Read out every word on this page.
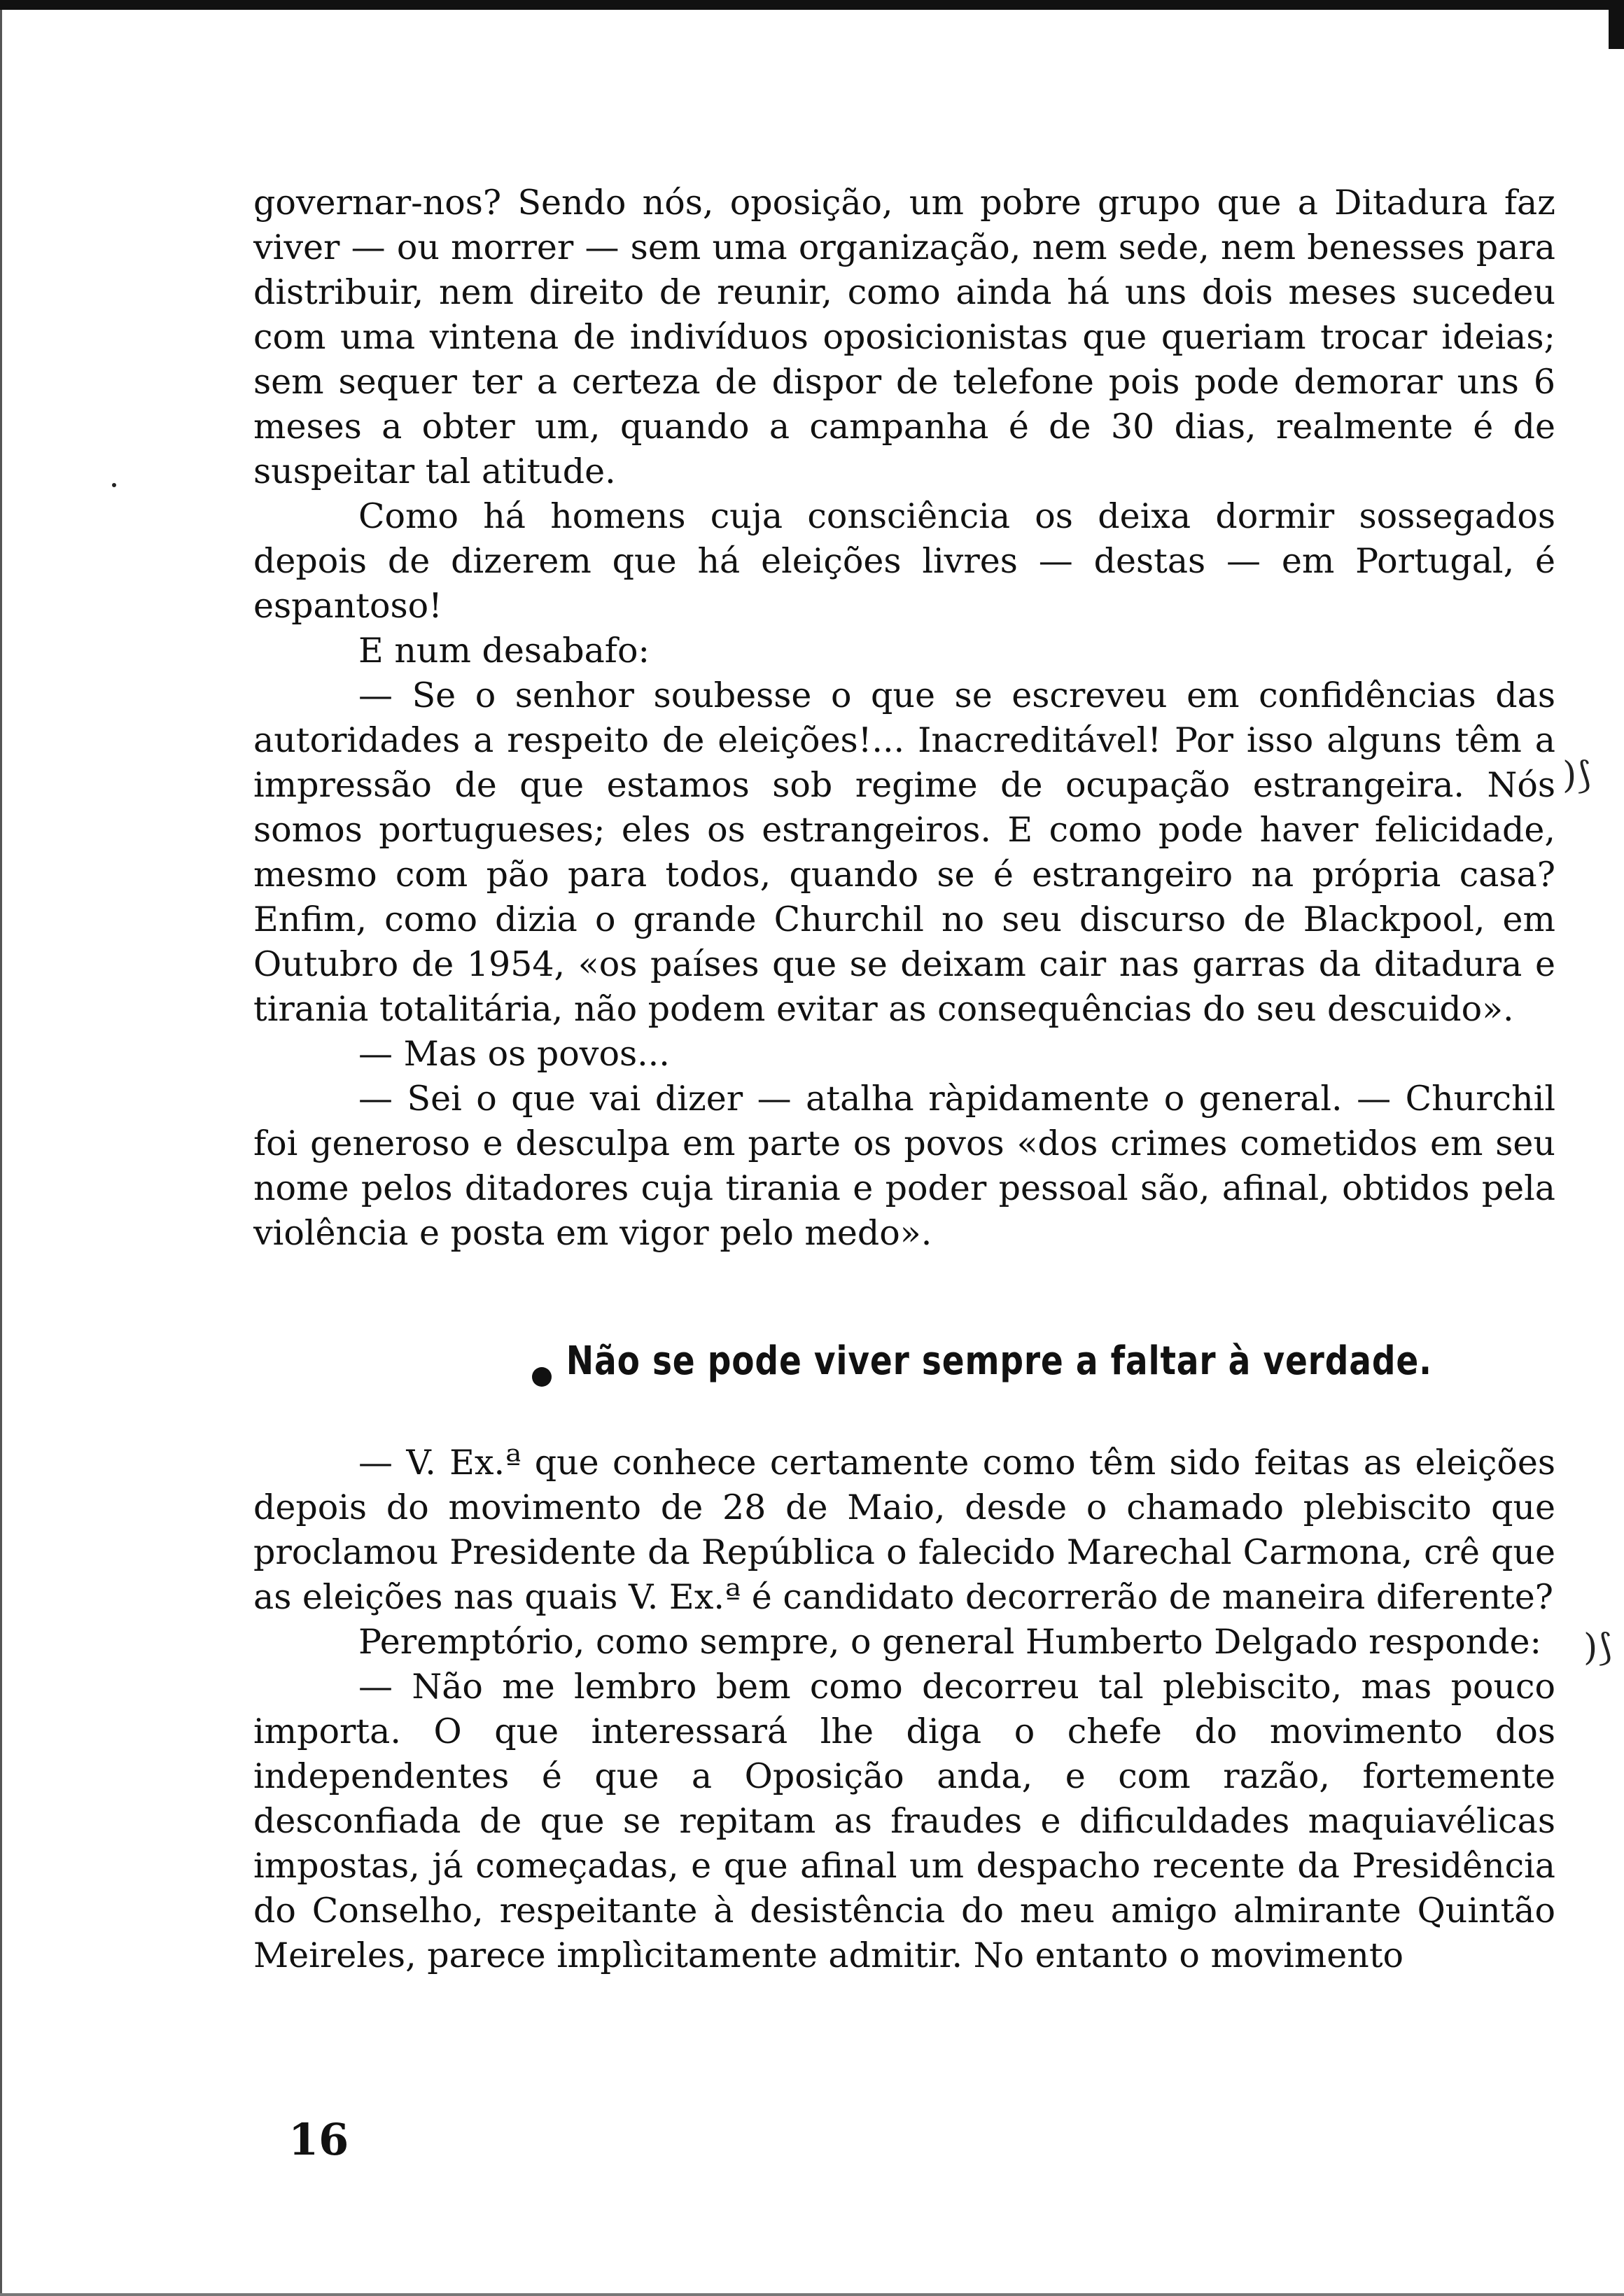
governar-nos? Sendo nós, oposição, um pobre grupo que a Ditadura faz viver — ou morrer — sem uma organização, nem sede, nem benesses para distribuir, nem direito de reunir, como ainda há uns dois meses sucedeu com uma vintena de indivíduos oposicionistas que queriam trocar ideias; sem sequer ter a certeza de dispor de telefone pois pode demorar uns 6 meses a obter um, quando a campanha é de 30 dias, realmente é de suspeitar tal atitude.

Como há homens cuja consciência os deixa dormir sossegados depois de dizerem que há eleições livres — destas — em Portugal, é espantoso!

E num desabafo:

— Se o senhor soubesse o que se escreveu em confidências das autoridades a respeito de eleições!... Inacreditável! Por isso alguns têm a impressão de que estamos sob regime de ocupação estrangeira. Nós somos portugueses; eles os estrangeiros. E como pode haver felicidade, mesmo com pão para todos, quando se é estrangeiro na própria casa? Enfim, como dizia o grande Churchil no seu discurso de Blackpool, em Outubro de 1954, «os países que se deixam cair nas garras da ditadura e tirania totalitária, não podem evitar as consequências do seu descuido».

— Mas os povos...

— Sei o que vai dizer — atalha ràpidamente o general. — Churchil foi generoso e desculpa em parte os povos «dos crimes cometidos em seu nome pelos ditadores cuja tirania e poder pessoal são, afinal, obtidos pela violência e posta em vigor pelo medo».

Não se pode viver sempre a faltar à verdade.

— V. Ex.ª que conhece certamente como têm sido feitas as eleições depois do movimento de 28 de Maio, desde o chamado plebiscito que proclamou Presidente da República o falecido Marechal Carmona, crê que as eleições nas quais V. Ex.ª é candidato decorrerão de maneira diferente?

Peremptório, como sempre, o general Humberto Delgado responde:

— Não me lembro bem como decorreu tal plebiscito, mas pouco importa. O que interessará lhe diga o chefe do movimento dos independentes é que a Oposição anda, e com razão, fortemente desconfiada de que se repitam as fraudes e dificuldades maquiavélicas impostas, já começadas, e que afinal um despacho recente da Presidência do Conselho, respeitante à desistência do meu amigo almirante Quintão Meireles, parece implìcitamente admitir. No entanto o movimento

)⟆
)⟆
16
